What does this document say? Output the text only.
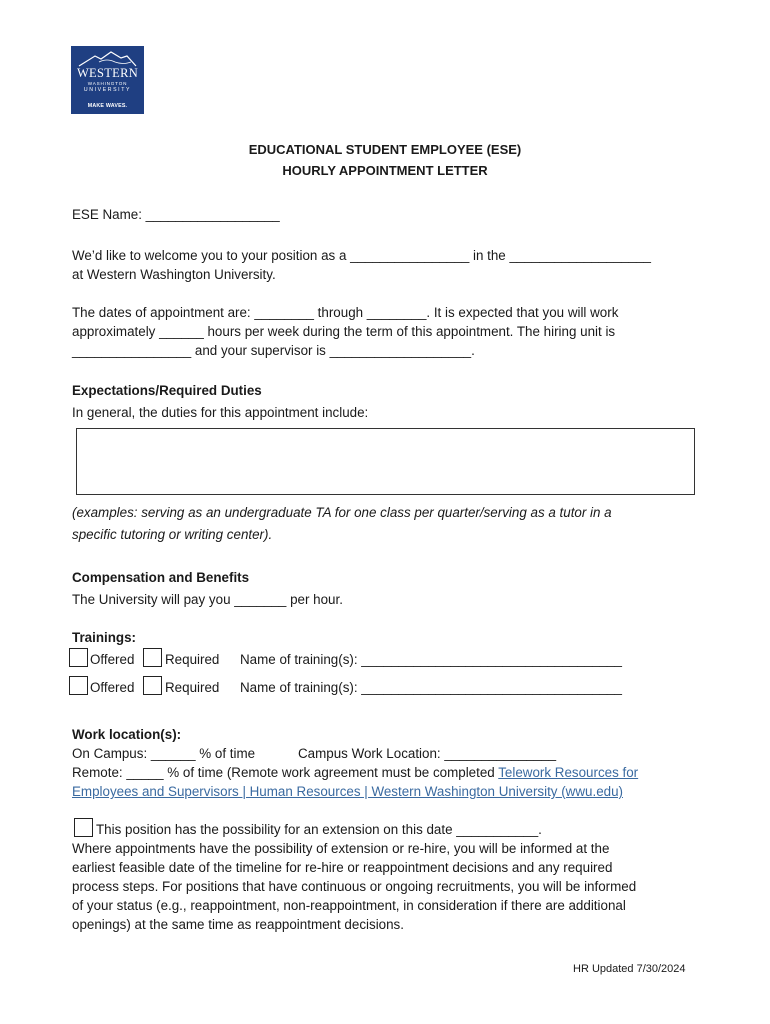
WESTERN
WASHINGTON
UNIVERSITY
MAKE WAVES.
EDUCATIONAL STUDENT EMPLOYEE (ESE)
HOURLY APPOINTMENT LETTER
ESE Name: __________________
We’d like to welcome you to your position as a ________________ in the ___________________
at Western Washington University.
The dates of appointment are: ________ through ________. It is expected that you will work
approximately ______ hours per week during the term of this appointment. The hiring unit is
________________ and your supervisor is ___________________.
Expectations/Required Duties
In general, the duties for this appointment include:
(examples: serving as an undergraduate TA for one class per quarter/serving as a tutor in a
specific tutoring or writing center).
Compensation and Benefits
The University will pay you _______ per hour.
Trainings:
Offered Required Name of training(s): ___________________________________
Offered Required Name of training(s): ___________________________________
Work location(s):
On Campus: ______ % of time	Campus Work Location: _______________
Remote: _____ % of time (Remote work agreement must be completed Telework Resources for
Employees and Supervisors | Human Resources | Western Washington University (wwu.edu)
This position has the possibility for an extension on this date ___________.
Where appointments have the possibility of extension or re-hire, you will be informed at the
earliest feasible date of the timeline for re-hire or reappointment decisions and any required
process steps. For positions that have continuous or ongoing recruitments, you will be informed
of your status (e.g., reappointment, non-reappointment, in consideration if there are additional
openings) at the same time as reappointment decisions.
HR Updated 7/30/2024
